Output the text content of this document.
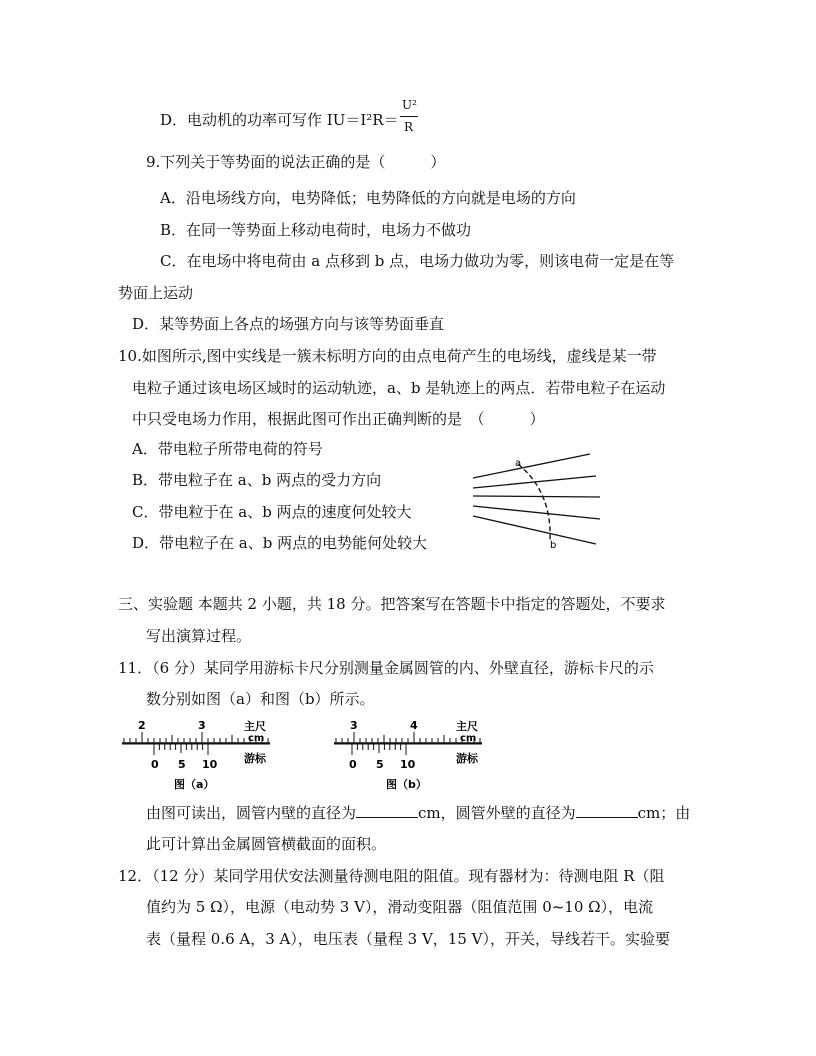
D．电动机的功率可写作 IU＝I²R＝
U²
R
9.下列关于等势面的说法正确的是（　　　）
A．沿电场线方向，电势降低；电势降低的方向就是电场的方向
B．在同一等势面上移动电荷时，电场力不做功
C．在电场中将电荷由 a 点移到 b 点，电场力做功为零，则该电荷一定是在等
势面上运动
D．某等势面上各点的场强方向与该等势面垂直
10.如图所示,图中实线是一簇未标明方向的由点电荷产生的电场线，虚线是某一带
电粒子通过该电场区域时的运动轨迹，a、b 是轨迹上的两点．若带电粒子在运动
中只受电场力作用，根据此图可作出正确判断的是　（　　　）
A．带电粒子所带电荷的符号
B．带电粒子在 a、b 两点的受力方向
C．带电粒于在 a、b 两点的速度何处较大
D．带电粒子在 a、b 两点的电势能何处较大
a
b
三、实验题 本题共 2 小题，共 18 分。把答案写在答题卡中指定的答题处，不要求
写出演算过程。
11．（6 分）某同学用游标卡尺分别测量金属圆管的内、外壁直径，游标卡尺的示
数分别如图（a）和图（b）所示。
2	3	主尺
cm
0 5 10 游标
图（a）
3	4	主尺
cm
0 5 10	游标
图（b）
由图可读出，圆管内壁的直径为	cm，圆管外壁的直径为	cm；由
此可计算出金属圆管横截面的面积。
12．（12 分）某同学用伏安法测量待测电阻的阻值。现有器材为：待测电阻 R（阻
值约为 5 Ω），电源（电动势 3 V），滑动变阻器（阻值范围 0~10 Ω），电流
表（量程 0.6 A，3 A），电压表（量程 3 V，15 V），开关，导线若干。实验要
